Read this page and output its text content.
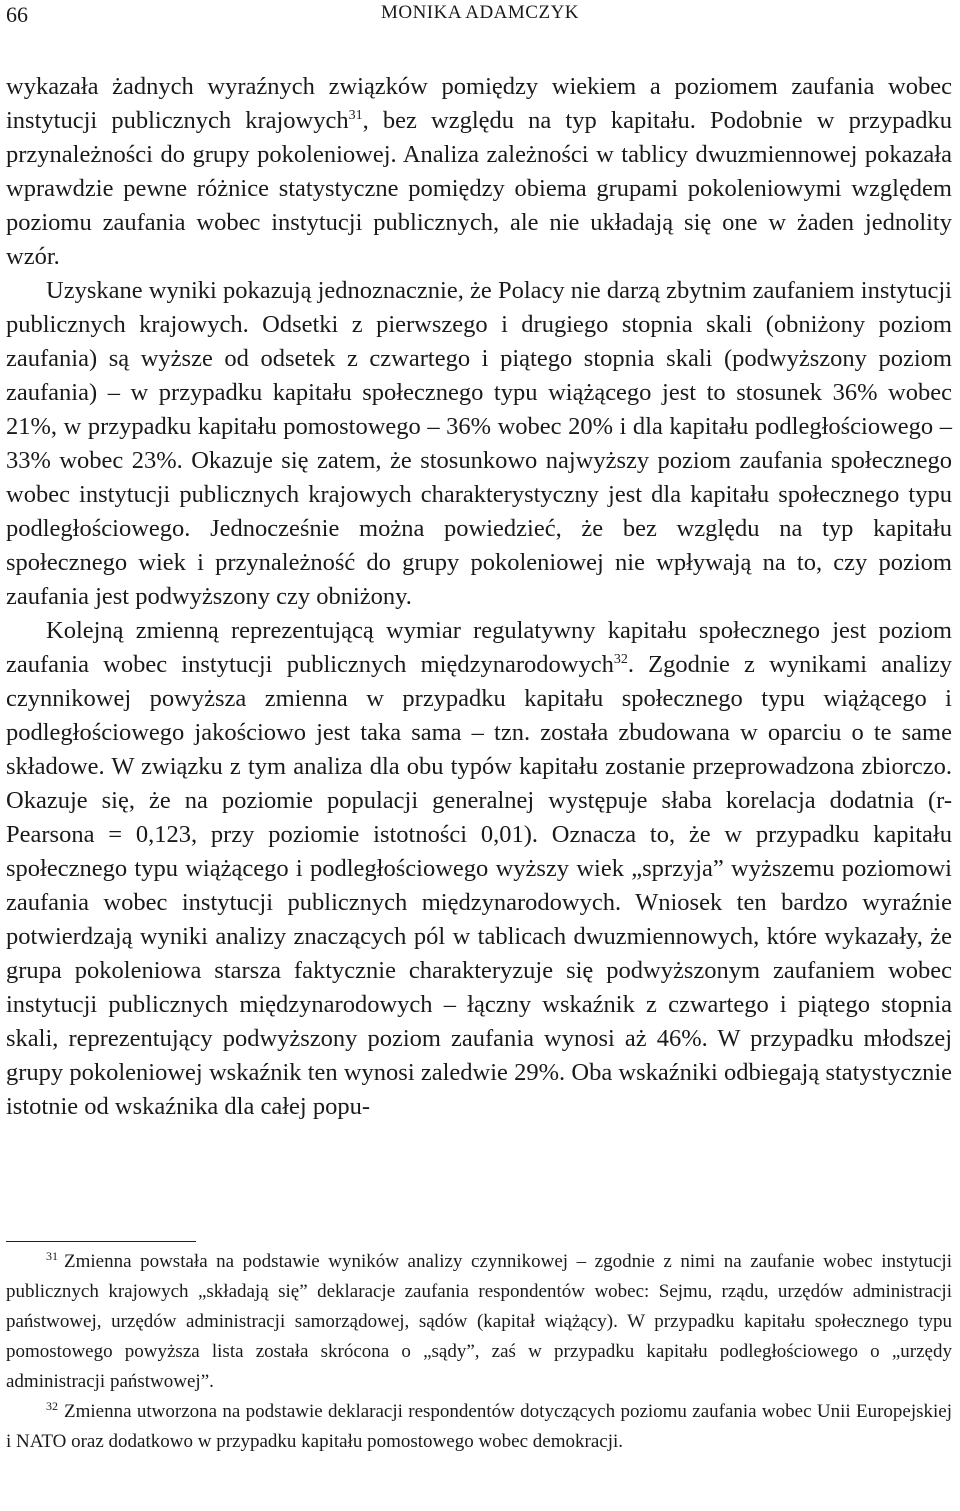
66	MONIKA ADAMCZYK

wykazała żadnych wyraźnych związków pomiędzy wiekiem a poziomem zaufania wobec instytucji publicznych krajowych$^{31}$, bez względu na typ kapitału. Podobnie w przypadku przynależności do grupy pokoleniowej. Analiza zależności w tablicy dwuzmiennowej pokazała wprawdzie pewne różnice statystyczne pomiędzy obiema grupami pokoleniowymi względem poziomu zaufania wobec instytucji publicznych, ale nie układają się one w żaden jednolity wzór.

Uzyskane wyniki pokazują jednoznacznie, że Polacy nie darzą zbytnim zaufaniem instytucji publicznych krajowych. Odsetki z pierwszego i drugiego stopnia skali (obniżony poziom zaufania) są wyższe od odsetek z czwartego i piątego stopnia skali (podwyższony poziom zaufania) – w przypadku kapitału społecznego typu wiążącego jest to stosunek 36% wobec 21%, w przypadku kapitału pomostowego – 36% wobec 20% i dla kapitału podległościowego – 33% wobec 23%. Okazuje się zatem, że stosunkowo najwyższy poziom zaufania społecznego wobec instytucji publicznych krajowych charakterystyczny jest dla kapitału społecznego typu podległościowego. Jednocześnie można powiedzieć, że bez względu na typ kapitału społecznego wiek i przynależność do grupy pokoleniowej nie wpływają na to, czy poziom zaufania jest podwyższony czy obniżony.

Kolejną zmienną reprezentującą wymiar regulatywny kapitału społecznego jest poziom zaufania wobec instytucji publicznych międzynarodowych$^{32}$. Zgodnie z wynikami analizy czynnikowej powyższa zmienna w przypadku kapitału społecznego typu wiążącego i podległościowego jakościowo jest taka sama – tzn. została zbudowana w oparciu o te same składowe. W związku z tym analiza dla obu typów kapitału zostanie przeprowadzona zbiorczo. Okazuje się, że na poziomie populacji generalnej występuje słaba korelacja dodatnia (r-Pearsona = 0,123, przy poziomie istotności 0,01). Oznacza to, że w przypadku kapitału społecznego typu wiążącego i podległościowego wyższy wiek „sprzyja” wyższemu poziomowi zaufania wobec instytucji publicznych międzynarodowych. Wniosek ten bardzo wyraźnie potwierdzają wyniki analizy znaczących pól w tablicach dwuzmiennowych, które wykazały, że grupa pokoleniowa starsza faktycznie charakteryzuje się podwyższonym zaufaniem wobec instytucji publicznych międzynarodowych – łączny wskaźnik z czwartego i piątego stopnia skali, reprezentujący podwyższony poziom zaufania wynosi aż 46%. W przypadku młodszej grupy pokoleniowej wskaźnik ten wynosi zaledwie 29%. Oba wskaźniki odbiegają statystycznie istotnie od wskaźnika dla całej popu-

$^{31}$ Zmienna powstała na podstawie wyników analizy czynnikowej – zgodnie z nimi na zaufanie wobec instytucji publicznych krajowych „składają się” deklaracje zaufania respondentów wobec: Sejmu, rządu, urzędów administracji państwowej, urzędów administracji samorządowej, sądów (kapitał wiążący). W przypadku kapitału społecznego typu pomostowego powyższa lista została skrócona o „sądy”, zaś w przypadku kapitału podległościowego o „urzędy administracji państwowej”.

$^{32}$ Zmienna utworzona na podstawie deklaracji respondentów dotyczących poziomu zaufania wobec Unii Europejskiej i NATO oraz dodatkowo w przypadku kapitału pomostowego wobec demokracji.
